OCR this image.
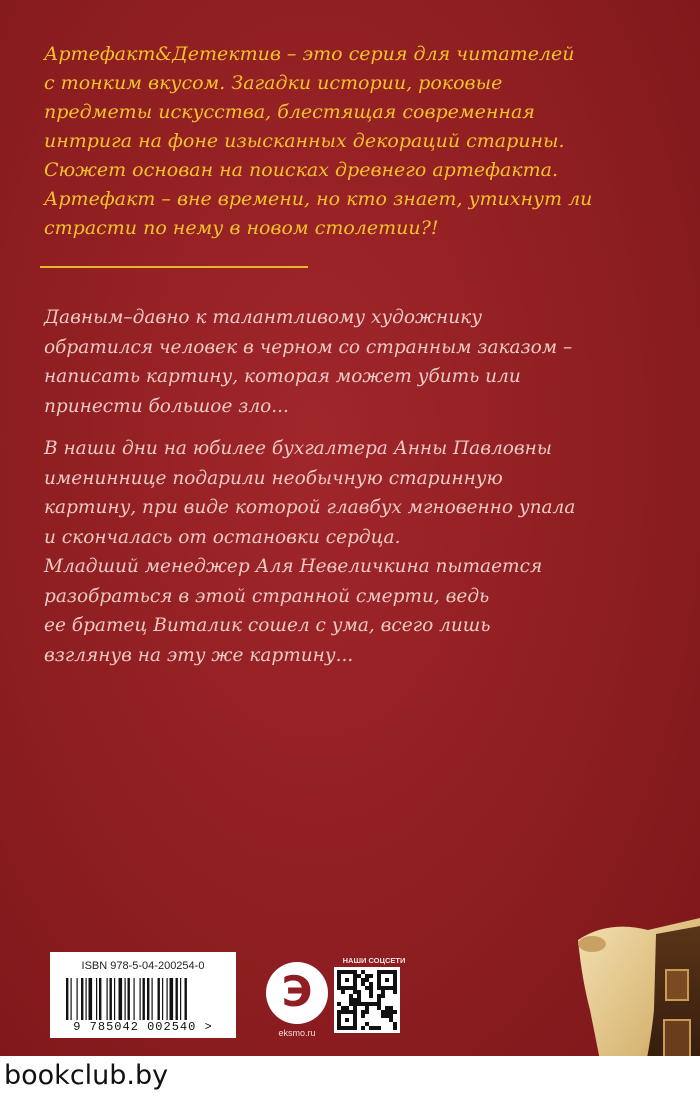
Артефакт&Детектив – это серия для читателей

с тонким вкусом. Загадки истории, роковые

предметы искусства, блестящая современная

интрига на фоне изысканных декораций старины.

Сюжет основан на поисках древнего артефакта.

Артефакт – вне времени, но кто знает, утихнут ли

страсти по нему в новом столетии?!

Давным–давно к талантливому художнику

обратился человек в черном со странным заказом –

написать картину, которая может убить или

принести большое зло...

В наши дни на юбилее бухгалтера Анны Павловны

имениннице подарили необычную старинную

картину, при виде которой главбух мгновенно упала

и скончалась от остановки сердца.

Младший менеджер Аля Невеличкина пытается

разобраться в этой странной смерти, ведь

ее братец Виталик сошел с ума, всего лишь

взглянув на эту же картину...

ISBN 978-5-04-200254-0
9 785042 002540 >
Э
eksmo.ru
НАШИ СОЦСЕТИ
bookclub.by
